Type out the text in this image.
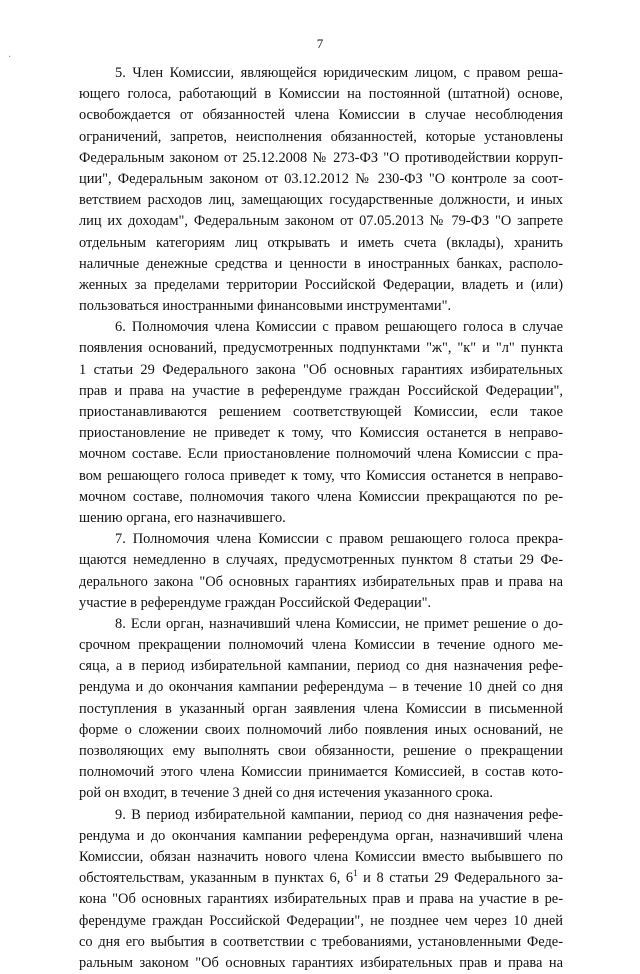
·
7
5. Член Комиссии, являющейся юридическим лицом, с правом реша-
ющего голоса, работающий в Комиссии на постоянной (штатной) основе,
освобождается от обязанностей члена Комиссии в случае несоблюдения
ограничений, запретов, неисполнения обязанностей, которые установлены
Федеральным законом от 25.12.2008 № 273-ФЗ "О противодействии корруп-
ции", Федеральным законом от 03.12.2012 № 230-ФЗ "О контроле за соот-
ветствием расходов лиц, замещающих государственные должности, и иных
лиц их доходам", Федеральным законом от 07.05.2013 № 79-ФЗ "О запрете
отдельным категориям лиц открывать и иметь счета (вклады), хранить
наличные денежные средства и ценности в иностранных банках, располо-
женных за пределами территории Российской Федерации, владеть и (или)
пользоваться иностранными финансовыми инструментами".
6. Полномочия члена Комиссии с правом решающего голоса в случае
появления оснований, предусмотренных подпунктами "ж", "к" и "л" пункта
1 статьи 29 Федерального закона "Об основных гарантиях избирательных
прав и права на участие в референдуме граждан Российской Федерации",
приостанавливаются решением соответствующей Комиссии, если такое
приостановление не приведет к тому, что Комиссия останется в неправо-
мочном составе. Если приостановление полномочий члена Комиссии с пра-
вом решающего голоса приведет к тому, что Комиссия останется в неправо-
мочном составе, полномочия такого члена Комиссии прекращаются по ре-
шению органа, его назначившего.
7. Полномочия члена Комиссии с правом решающего голоса прекра-
щаются немедленно в случаях, предусмотренных пунктом 8 статьи 29 Фе-
дерального закона "Об основных гарантиях избирательных прав и права на
участие в референдуме граждан Российской Федерации".
8. Если орган, назначивший члена Комиссии, не примет решение о до-
срочном прекращении полномочий члена Комиссии в течение одного ме-
сяца, а в период избирательной кампании, период со дня назначения рефе-
рендума и до окончания кампании референдума – в течение 10 дней со дня
поступления в указанный орган заявления члена Комиссии в письменной
форме о сложении своих полномочий либо появления иных оснований, не
позволяющих ему выполнять свои обязанности, решение о прекращении
полномочий этого члена Комиссии принимается Комиссией, в состав кото-
рой он входит, в течение 3 дней со дня истечения указанного срока.
9. В период избирательной кампании, период со дня назначения рефе-
рендума и до окончания кампании референдума орган, назначивший члена
Комиссии, обязан назначить нового члена Комиссии вместо выбывшего по
обстоятельствам, указанным в пунктах 6, $6^1$ и 8 статьи 29 Федерального за-
кона "Об основных гарантиях избирательных прав и права на участие в ре-
ферендуме граждан Российской Федерации", не позднее чем через 10 дней
со дня его выбытия в соответствии с требованиями, установленными Феде-
ральным законом "Об основных гарантиях избирательных прав и права на
